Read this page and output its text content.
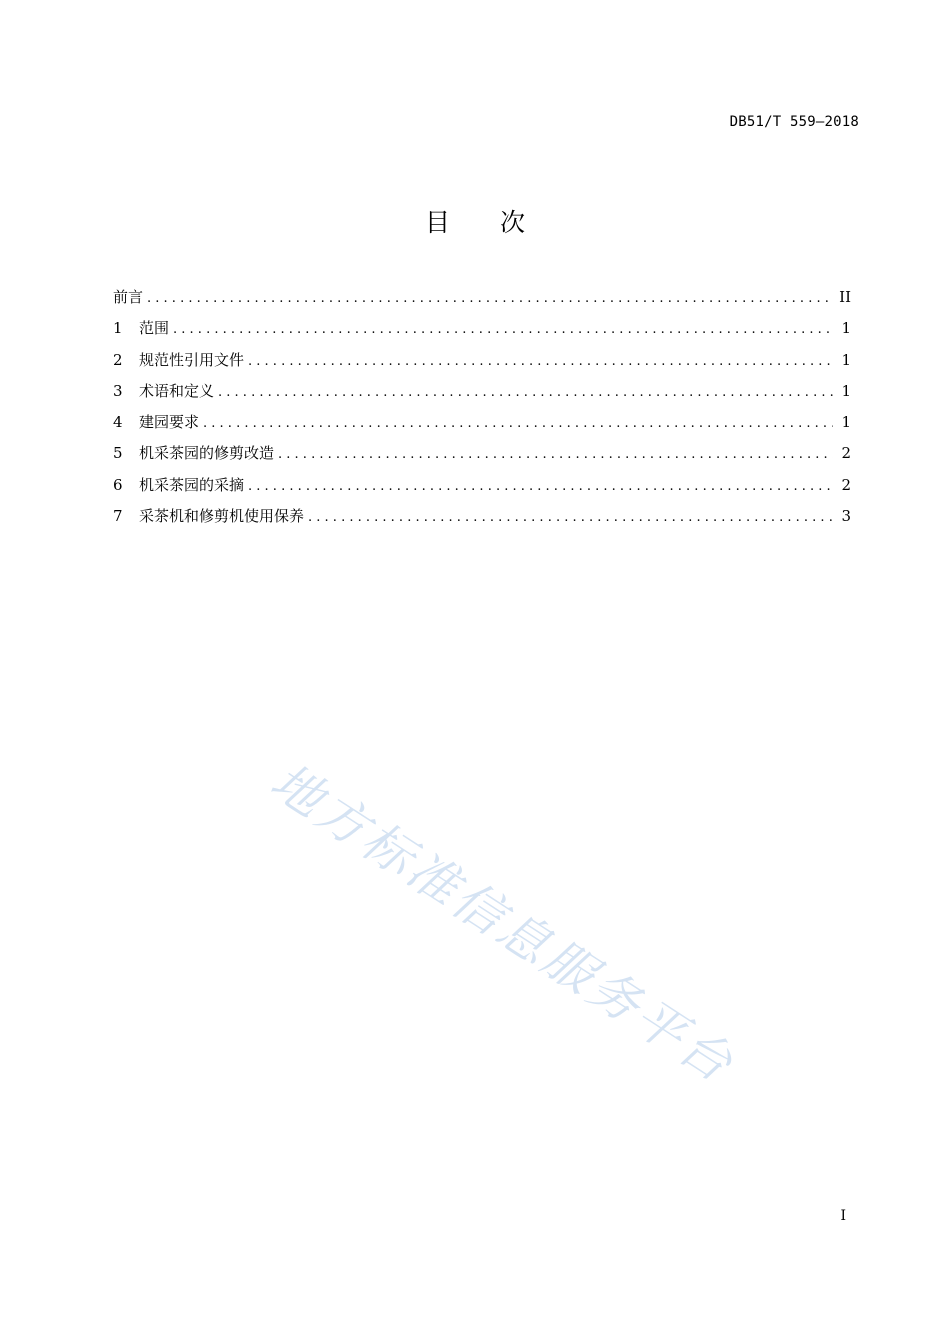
DB51/T 559—2018
目 次
前言 . . .	II
1	范围 . . .	1
2	规范性引用文件 . . .	1
3	术语和定义 . . .	1
4	建园要求 . . .	1
5	机采茶园的修剪改造 . . .	2
6	机采茶园的采摘 . . .	2
7	采茶机和修剪机使用保养 . . .	3
地方标准信息服务平台
I
